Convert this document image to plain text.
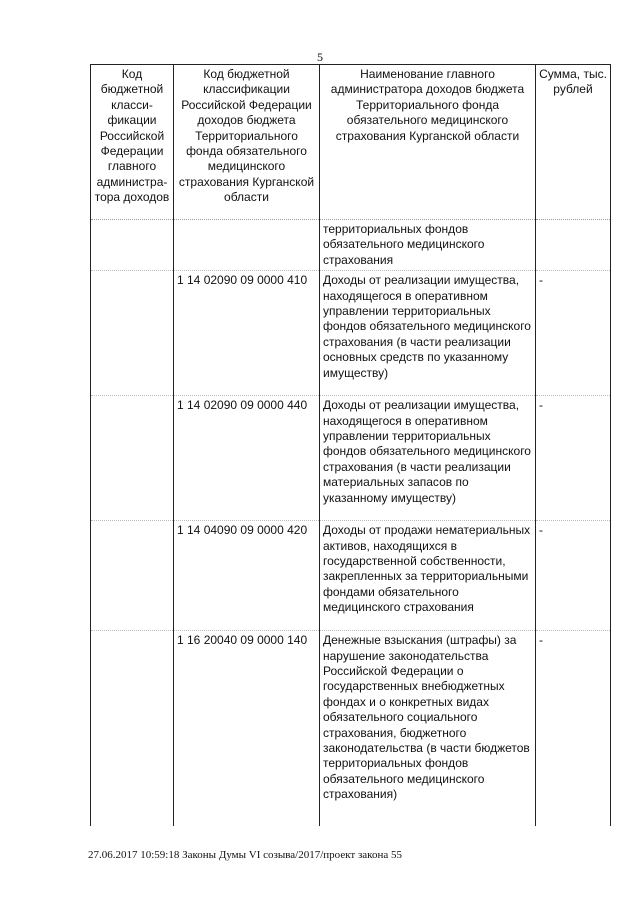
5
Код бюджетной класси-фикации Российской Федерации главного администра-тора доходов	Код бюджетной классификации Российской Федерации доходов бюджета Территориального фонда обязательного медицинского страхования Курганской области	Наименование главного администратора доходов бюджета Территориального фонда обязательного медицинского страхования Курганской области	Сумма, тыс. рублей
		территориальных фондов обязательного медицинского страхования	
	1 14 02090 09 0000 410	Доходы от реализации имущества, находящегося в оперативном управлении территориальных фондов обязательного медицинского страхования (в части реализации основных средств по указанному имуществу)	-
	1 14 02090 09 0000 440	Доходы от реализации имущества, находящегося в оперативном управлении территориальных фондов обязательного медицинского страхования (в части реализации материальных запасов по указанному имуществу)	-
	1 14 04090 09 0000 420	Доходы от продажи нематериальных активов, находящихся в государственной собственности, закрепленных за территориальными фондами обязательного медицинского страхования	-
	1 16 20040 09 0000 140	Денежные взыскания (штрафы) за нарушение законодательства Российской Федерации о государственных внебюджетных фондах и о конкретных видах обязательного социального страхования, бюджетного законодательства (в части бюджетов территориальных фондов обязательного медицинского страхования)	-
27.06.2017 10:59:18 Законы Думы VI созыва/2017/проект закона 55
